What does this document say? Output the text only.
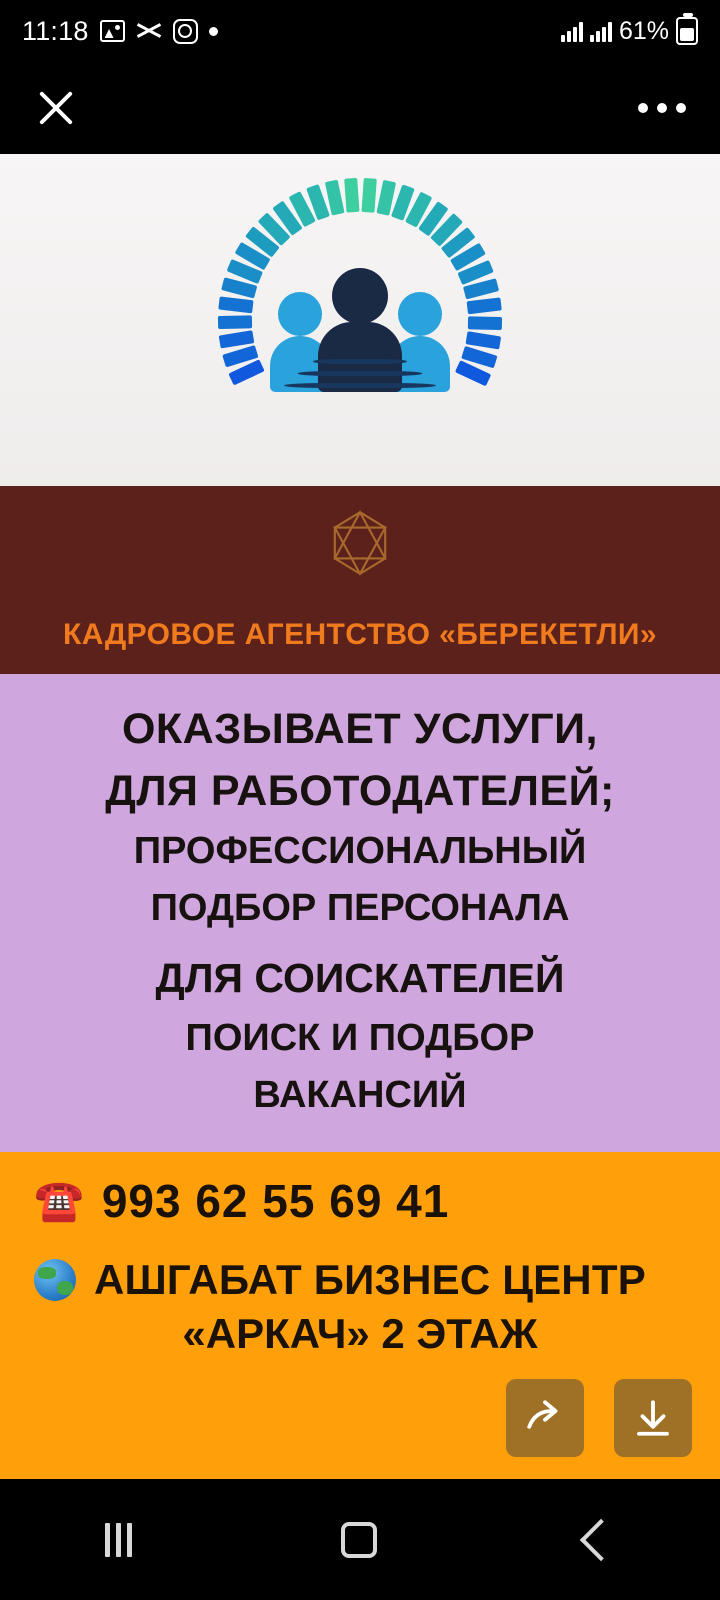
11:18	61%
КАДРОВОЕ АГЕНТСТВО «БЕРЕКЕТЛИ»
ОКАЗЫВАЕТ УСЛУГИ,
ДЛЯ РАБОТОДАТЕЛЕЙ;
ПРОФЕССИОНАЛЬНЫЙ
ПОДБОР ПЕРСОНАЛА
ДЛЯ СОИСКАТЕЛЕЙ
ПОИСК И ПОДБОР
ВАКАНСИЙ
☎️ 993 62 55 69 41
АШГАБАТ БИЗНЕС ЦЕНТР
«АРКАЧ» 2 ЭТАЖ
